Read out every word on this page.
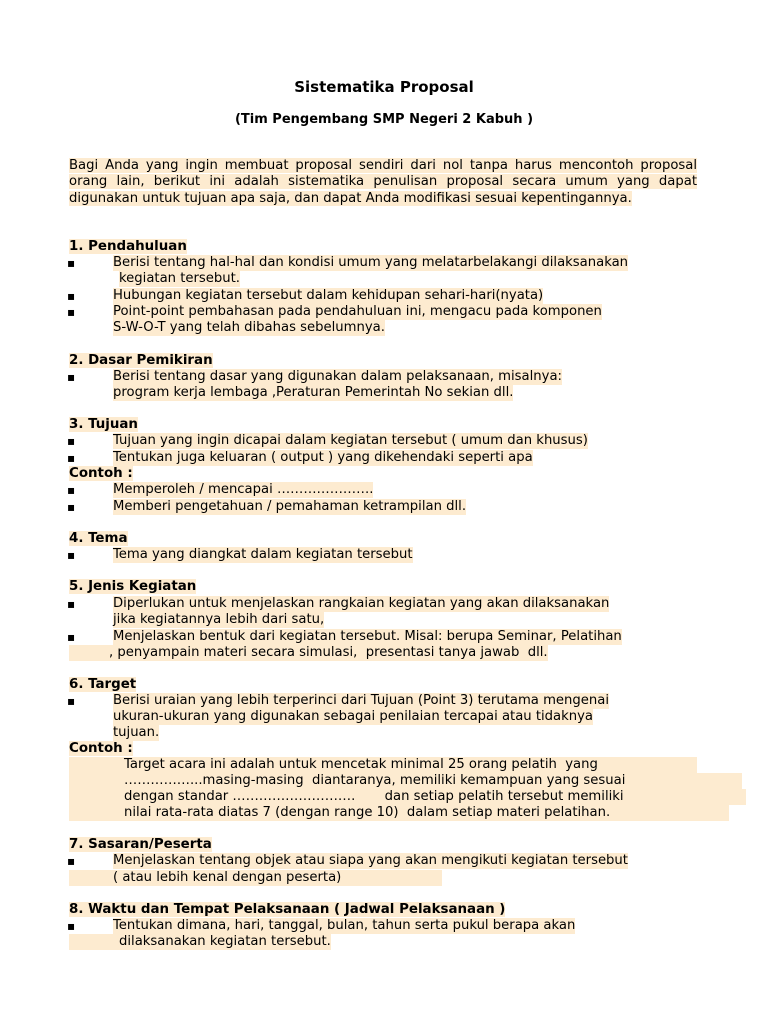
Sistematika Proposal
(Tim Pengembang SMP Negeri 2 Kabuh )
Bagi Anda yang ingin membuat proposal sendiri dari nol tanpa harus mencontoh proposal orang lain, berikut ini adalah sistematika penulisan proposal secara umum yang dapat digunakan untuk tujuan apa saja, dan dapat Anda modifikasi sesuai kepentingannya.
1. Pendahuluan
▪	Berisi tentang hal-hal dan kondisi umum yang melatarbelakangi dilaksanakan
kegiatan tersebut.
▪	Hubungan kegiatan tersebut dalam kehidupan sehari-hari(nyata)
▪	Point-point pembahasan pada pendahuluan ini, mengacu pada komponen
S-W-O-T yang telah dibahas sebelumnya.
2. Dasar Pemikiran
▪	Berisi tentang dasar yang digunakan dalam pelaksanaan, misalnya:
program kerja lembaga ,Peraturan Pemerintah No sekian dll.
3. Tujuan
▪	Tujuan yang ingin dicapai dalam kegiatan tersebut ( umum dan khusus)
▪	Tentukan juga keluaran ( output ) yang dikehendaki seperti apa
Contoh :
▪	Memperoleh / mencapai ………………….
▪	Memberi pengetahuan / pemahaman ketrampilan dll.
4. Tema
▪	Tema yang diangkat dalam kegiatan tersebut
5. Jenis Kegiatan
▪	Diperlukan untuk menjelaskan rangkaian kegiatan yang akan dilaksanakan
jika kegiatannya lebih dari satu,
▪	Menjelaskan bentuk dari kegiatan tersebut. Misal: berupa Seminar, Pelatihan
, penyampain materi secara simulasi,  presentasi tanya jawab  dll.
6. Target
▪	Berisi uraian yang lebih terperinci dari Tujuan (Point 3) terutama mengenai
ukuran-ukuran yang digunakan sebagai penilaian tercapai atau tidaknya
tujuan.
Contoh :
Target acara ini adalah untuk mencetak minimal 25 orang pelatih  yang
……………...masing-masing  diantaranya, memiliki kemampuan yang sesuai
dengan standar ……………………….       dan setiap pelatih tersebut memiliki
nilai rata-rata diatas 7 (dengan range 10)  dalam setiap materi pelatihan.
7. Sasaran/Peserta
▪	Menjelaskan tentang objek atau siapa yang akan mengikuti kegiatan tersebut
( atau lebih kenal dengan peserta)
8. Waktu dan Tempat Pelaksanaan ( Jadwal Pelaksanaan )
▪	Tentukan dimana, hari, tanggal, bulan, tahun serta pukul berapa akan
dilaksanakan kegiatan tersebut.
